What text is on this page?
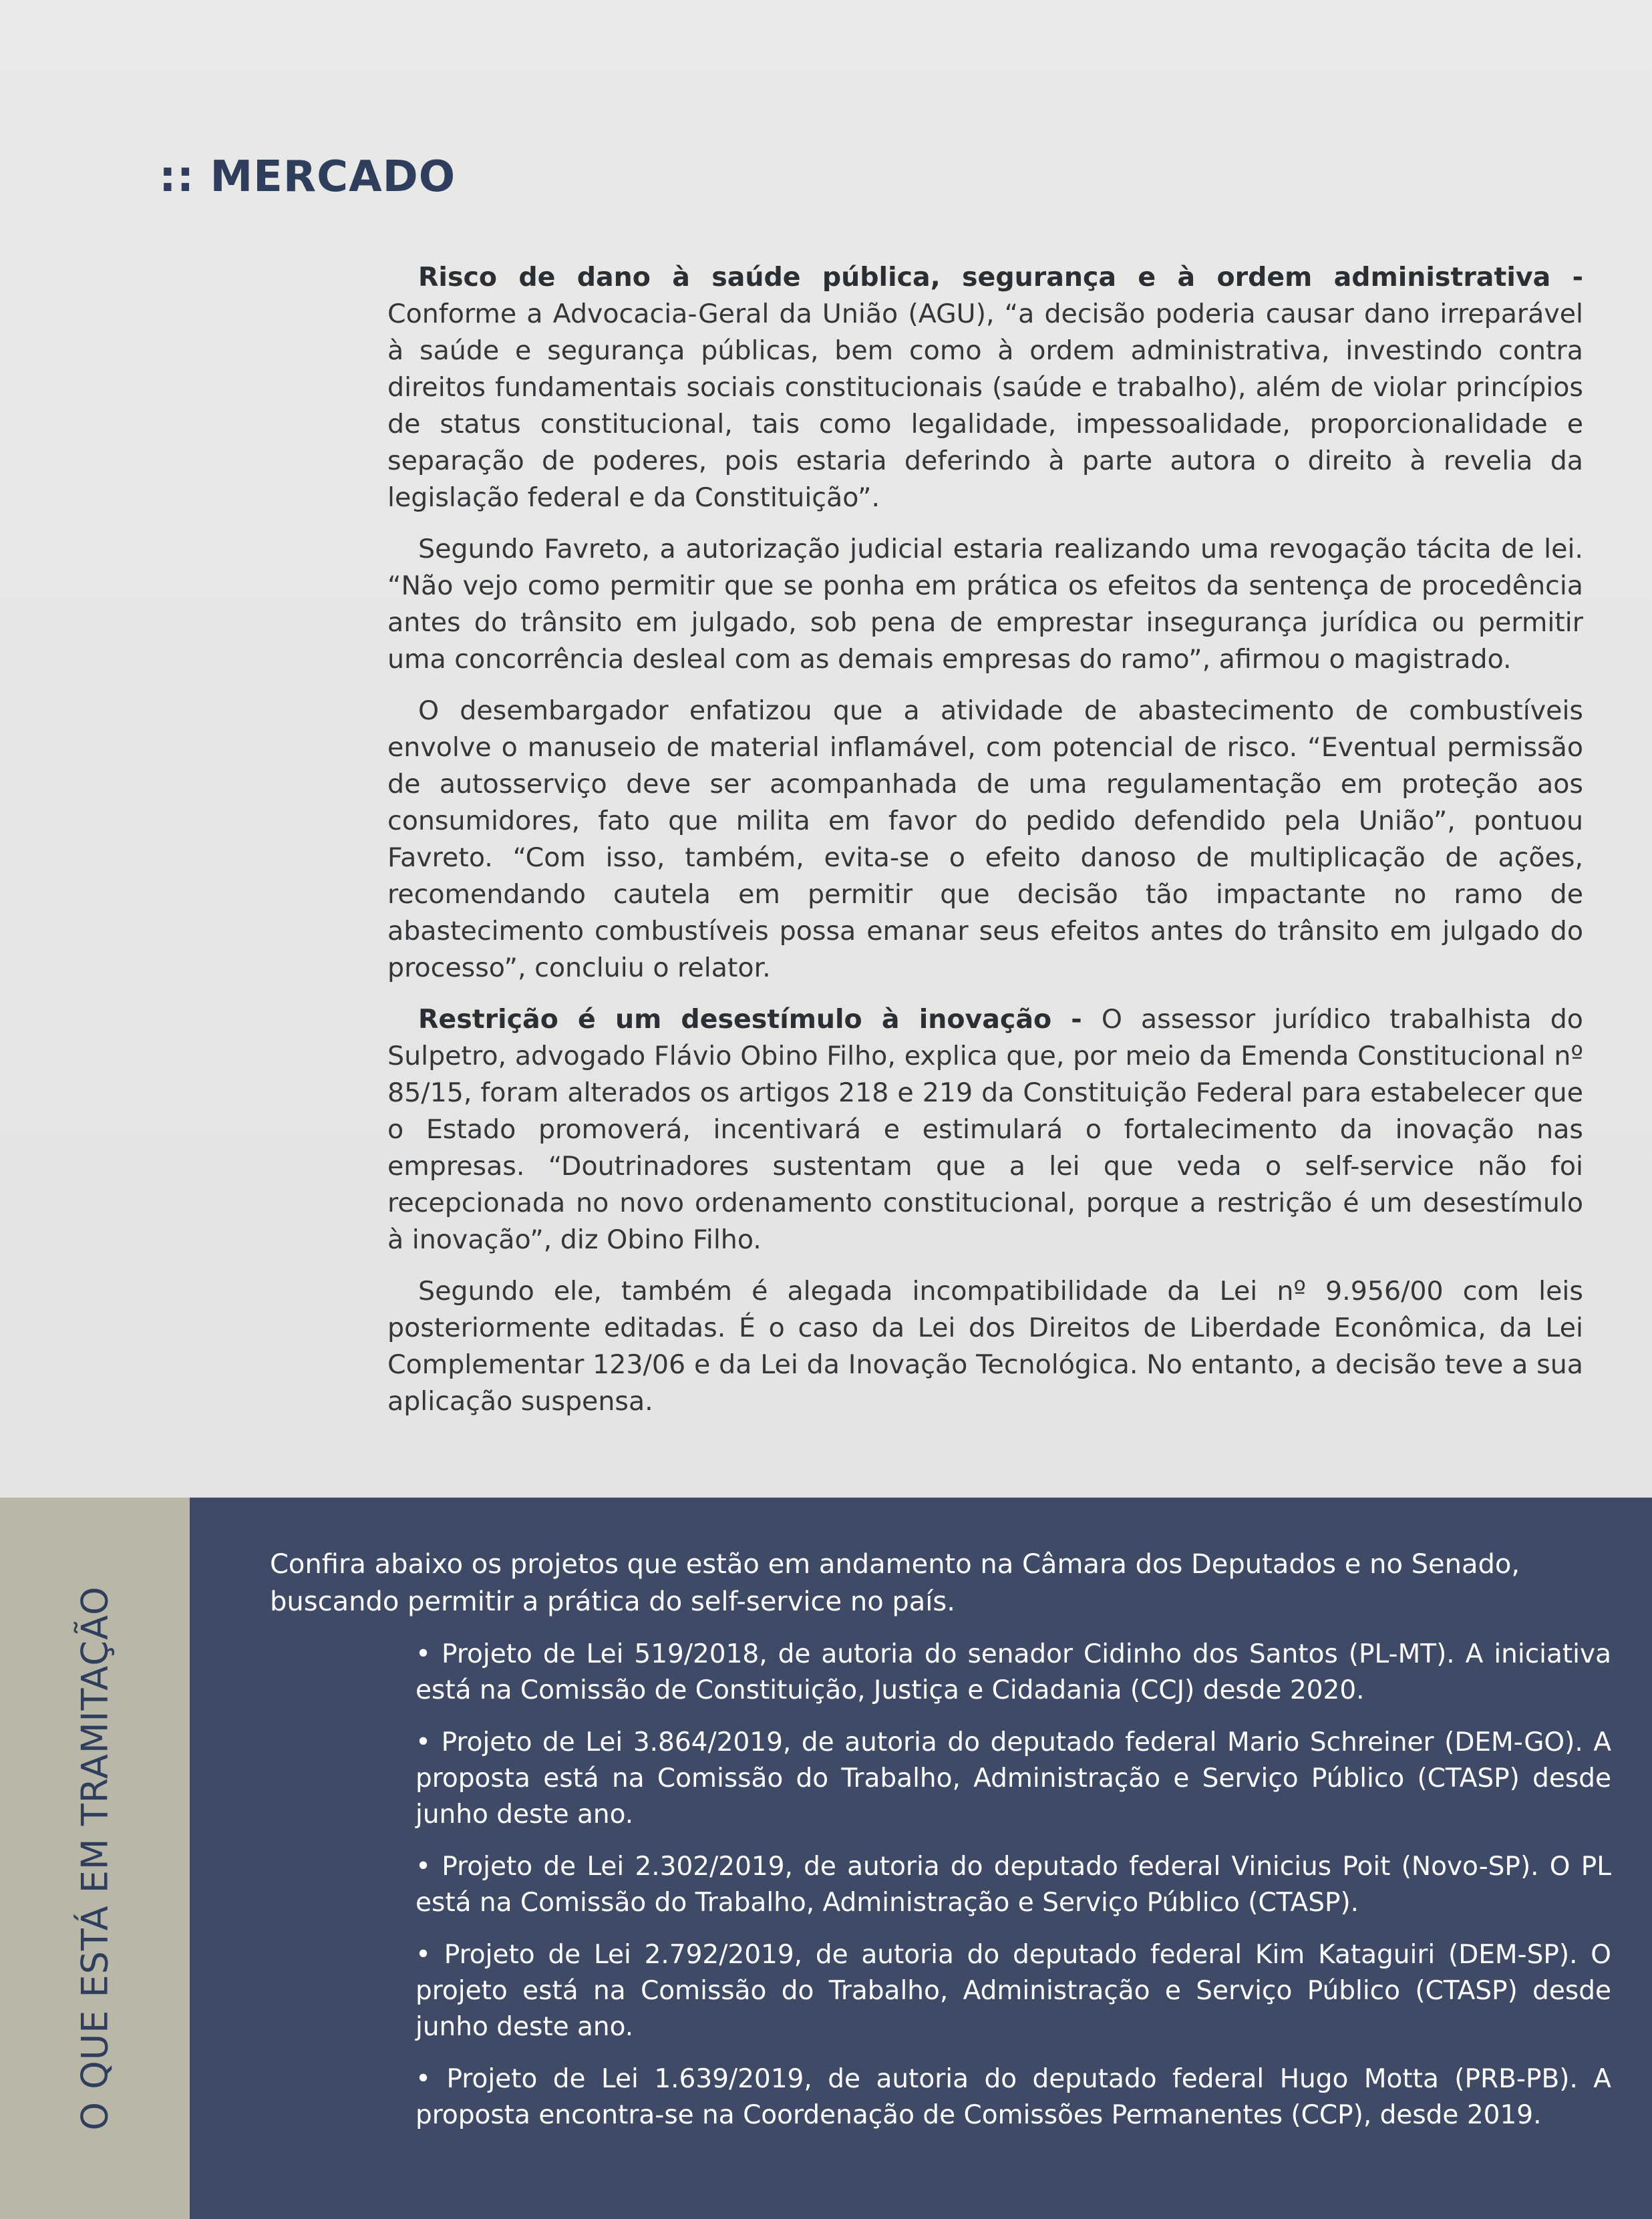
:: MERCADO

Risco de dano à saúde pública, segurança e à ordem administrativa - Conforme a Advocacia-Geral da União (AGU), “a decisão poderia causar dano irreparável à saúde e segurança públicas, bem como à ordem administrativa, investindo contra direitos fundamentais sociais constitucionais (saúde e trabalho), além de violar princípios de status constitucional, tais como legalidade, impessoalidade, proporcionalidade e separação de poderes, pois estaria deferindo à parte autora o direito à revelia da legislação federal e da Constituição”.

Segundo Favreto, a autorização judicial estaria realizando uma revogação tácita de lei. “Não vejo como permitir que se ponha em prática os efeitos da sentença de procedência antes do trânsito em julgado, sob pena de emprestar insegurança jurídica ou permitir uma concorrência desleal com as demais empresas do ramo”, afirmou o magistrado.

O desembargador enfatizou que a atividade de abastecimento de combustíveis envolve o manuseio de material inflamável, com potencial de risco. “Eventual permissão de autosserviço deve ser acompanhada de uma regulamentação em proteção aos consumidores, fato que milita em favor do pedido defendido pela União”, pontuou Favreto. “Com isso, também, evita-se o efeito danoso de multiplicação de ações, recomendando cautela em permitir que decisão tão impactante no ramo de abastecimento combustíveis possa emanar seus efeitos antes do trânsito em julgado do processo”, concluiu o relator.

Restrição é um desestímulo à inovação - O assessor jurídico trabalhista do Sulpetro, advogado Flávio Obino Filho, explica que, por meio da Emenda Constitucional nº 85/15, foram alterados os artigos 218 e 219 da Constituição Federal para estabelecer que o Estado promoverá, incentivará e estimulará o fortalecimento da inovação nas empresas. “Doutrinadores sustentam que a lei que veda o self-service não foi recepcionada no novo ordenamento constitucional, porque a restrição é um desestímulo à inovação”, diz Obino Filho.

Segundo ele, também é alegada incompatibilidade da Lei nº 9.956/00 com leis posteriormente editadas. É o caso da Lei dos Direitos de Liberdade Econômica, da Lei Complementar 123/06 e da Lei da Inovação Tecnológica. No entanto, a decisão teve a sua aplicação suspensa.

O QUE ESTÁ EM TRAMITAÇÃO
Confira abaixo os projetos que estão em andamento na Câmara dos Deputados e no Senado, buscando permitir a prática do self-service no país.
• Projeto de Lei 519/2018, de autoria do senador Cidinho dos Santos (PL-MT). A iniciativa está na Comissão de Constituição, Justiça e Cidadania (CCJ) desde 2020.
• Projeto de Lei 3.864/2019, de autoria do deputado federal Mario Schreiner (DEM-GO). A proposta está na Comissão do Trabalho, Administração e Serviço Público (CTASP) desde junho deste ano.
• Projeto de Lei 2.302/2019, de autoria do deputado federal Vinicius Poit (Novo-SP). O PL está na Comissão do Trabalho, Administração e Serviço Público (CTASP).
• Projeto de Lei 2.792/2019, de autoria do deputado federal Kim Kataguiri (DEM-SP). O projeto está na Comissão do Trabalho, Administração e Serviço Público (CTASP) desde junho deste ano.
• Projeto de Lei 1.639/2019, de autoria do deputado federal Hugo Motta (PRB-PB). A proposta encontra-se na Coordenação de Comissões Permanentes (CCP), desde 2019.
